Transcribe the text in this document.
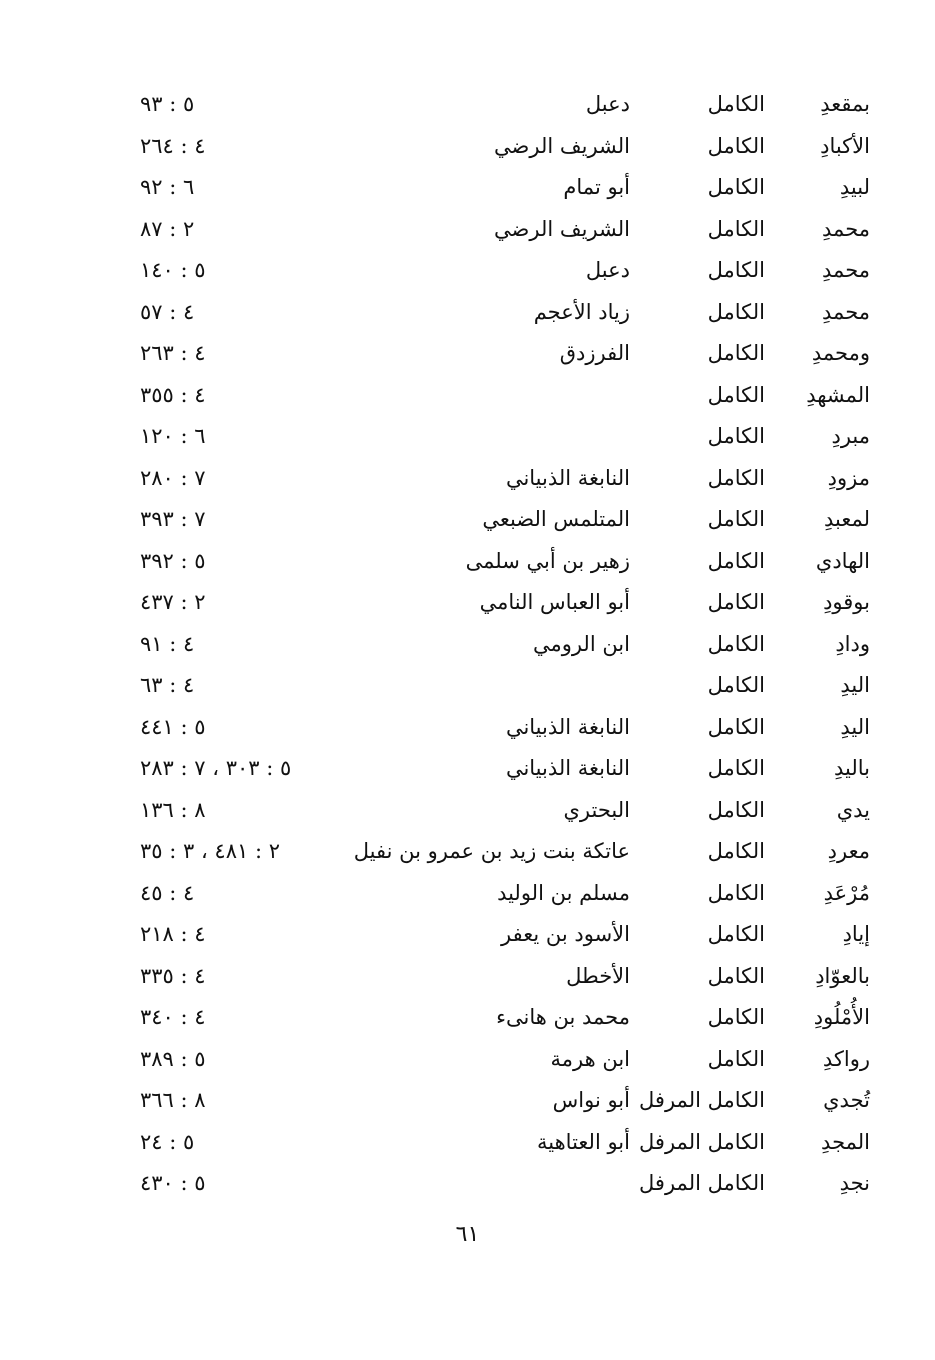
بمقعدِ
الكامل
دعبل
٥ : ٩٣
الأكبادِ
الكامل
الشريف الرضي
٤ : ٢٦٤
لبيدِ
الكامل
أبو تمام
٦ : ٩٢
محمدِ
الكامل
الشريف الرضي
٢ : ٨٧
محمدِ
الكامل
دعبل
٥ : ١٤٠
محمدِ
الكامل
زياد الأعجم
٤ : ٥٧
ومحمدِ
الكامل
الفرزدق
٤ : ٢٦٣
المشهدِ
الكامل
٤ : ٣٥٥
مبردِ
الكامل
٦ : ١٢٠
مزودِ
الكامل
النابغة الذبياني
٧ : ٢٨٠
لمعبدِ
الكامل
المتلمس الضبعي
٧ : ٣٩٣
الهادي
الكامل
زهير بن أبي سلمى
٥ : ٣٩٢
بوقودِ
الكامل
أبو العباس النامي
٢ : ٤٣٧
ودادِ
الكامل
ابن الرومي
٤ : ٩١
اليدِ
الكامل
٤ : ٦٣
اليدِ
الكامل
النابغة الذبياني
٥ : ٤٤١
باليدِ
الكامل
النابغة الذبياني
٥ : ٣٠٣ ، ٧ : ٢٨٣
يدي
الكامل
البحتري
٨ : ١٣٦
معردِ
الكامل
عاتكة بنت زيد بن عمرو بن نفيل
٢ : ٤٨١ ، ٣ : ٣٥
مُرْعَدِ
الكامل
مسلم بن الوليد
٤ : ٤٥
إيادِ
الكامل
الأسود بن يعفر
٤ : ٢١٨
بالعوّادِ
الكامل
الأخطل
٤ : ٣٣٥
الأُمْلُودِ
الكامل
محمد بن هانىء
٤ : ٣٤٠
رواكدِ
الكامل
ابن هرمة
٥ : ٣٨٩
تُجدي
الكامل المرفل
أبو نواس
٨ : ٣٦٦
المجدِ
الكامل المرفل
أبو العتاهية
٥ : ٢٤
نجدِ
الكامل المرفل
٥ : ٤٣٠
٦١
